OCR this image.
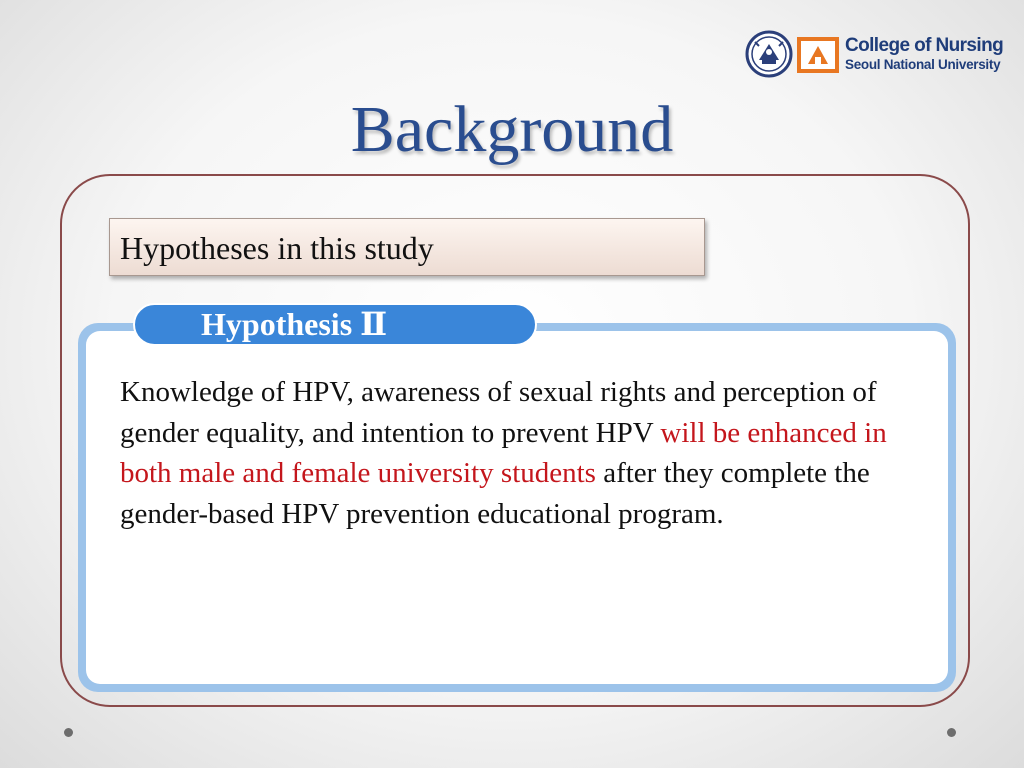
College of Nursing
Seoul National University
Background
Hypotheses in this study
Hypothesis Ⅱ
Knowledge of HPV, awareness of sexual rights and perception of gender equality, and intention to prevent HPV will be enhanced in both male and female university students after they complete the gender-based HPV prevention educational program.
